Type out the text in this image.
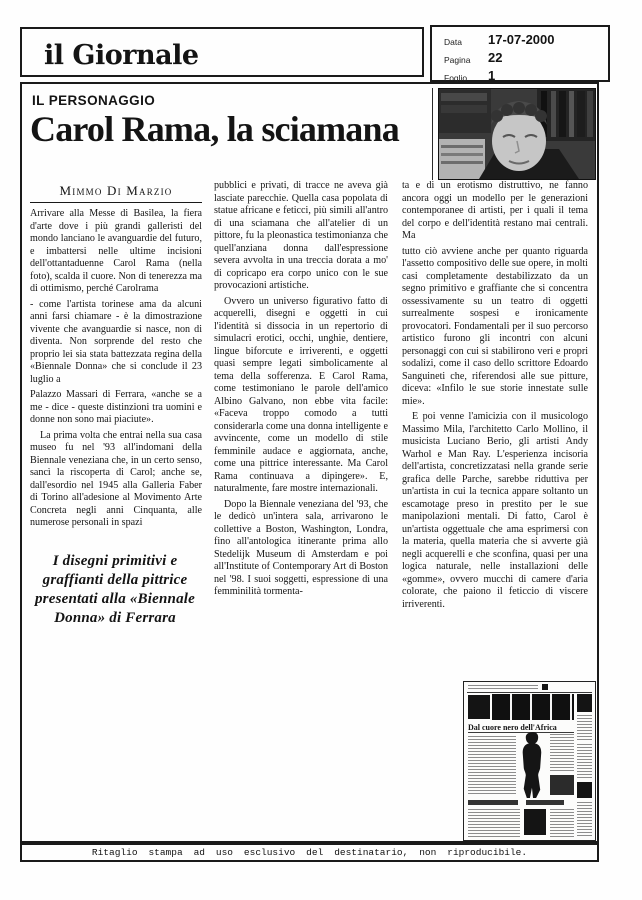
il Giornale	Data	17-07-2000
Pagina	22
Foglio	1
IL PERSONAGGIO
Carol Rama, la sciamana
Mimmo Di Marzio

Arrivare alla Messe di Basilea, la fiera d'arte dove i più grandi galleristi del mondo lanciano le avanguardie del futuro, e imbattersi nelle ultime incisioni dell'ottantaduenne Carol Rama (nella foto), scalda il cuore. Non di tenerezza ma di ottimismo, perché Carolrama

- come l'artista torinese ama da alcuni anni farsi chiamare - è la dimostrazione vivente che avanguardie si nasce, non di diventa. Non sorprende del resto che proprio lei sia stata battezzata regina della «Biennale Donna» che si conclude il 23 luglio a

Palazzo Massari di Ferrara, «anche se a me - dice - queste distinzioni tra uomini e donne non sono mai piaciute».

La prima volta che entrai nella sua casa museo fu nel '93 all'indomani della Biennale veneziana che, in un certo senso, sancì la riscoperta di Carol; anche se, dall'esordio nel 1945 alla Galleria Faber di Torino all'adesione al Movimento Arte Concreta negli anni Cinquanta, alle numerose personali in spazi

I disegni primitivi e graffianti della pittrice presentati alla «Biennale Donna» di Ferrara

pubblici e privati, di tracce ne aveva già lasciate parecchie. Quella casa popolata di statue africane e feticci, più simili all'antro di una sciamana che all'atelier di un pittore, fu la pleonastica testimonianza che quell'anziana donna dall'espressione severa avvolta in una treccia dorata a mo' di copricapo era corpo unico con le sue provocazioni artistiche.

Ovvero un universo figurativo fatto di acquerelli, disegni e oggetti in cui l'identità si dissocia in un repertorio di simulacri erotici, occhi, unghie, dentiere, lingue biforcute e irriverenti, e oggetti quasi sempre legati simbolicamente al tema della sofferenza. E Carol Rama, come testimoniano le parole dell'amico Albino Galvano, non ebbe vita facile: «Faceva troppo comodo a tutti considerarla come una donna intelligente e avvincente, come un modello di stile femminile audace e aggiornata, anche, come una pittrice interessante. Ma Carol Rama continuava a dipingere». E, naturalmente, fare mostre internazionali.

Dopo la Biennale veneziana del '93, che le dedicò un'intera sala, arrivarono le collettive a Boston, Washington, Londra, fino all'antologica itinerante prima allo Stedelijk Museum di Amsterdam e poi all'Institute of Contemporary Art di Boston nel '98. I suoi soggetti, espressione di una femminilità tormenta-

ta e di un erotismo distruttivo, ne fanno ancora oggi un modello per le generazioni contemporanee di artisti, per i quali il tema del corpo e dell'identità restano mai centrali. Ma

tutto ciò avviene anche per quanto riguarda l'assetto compositivo delle sue opere, in molti casi completamente destabilizzato da un segno primitivo e graffiante che si concentra ossessivamente su un teatro di oggetti surrealmente sospesi e ironicamente provocatori. Fondamentali per il suo percorso artistico furono gli incontri con alcuni personaggi con cui si stabilirono veri e propri sodalizi, come il caso dello scrittore Edoardo Sanguineti che, riferendosi alle sue pitture, diceva: «Infilo le sue storie innestate sulle mie».

E poi venne l'amicizia con il musicologo Massimo Mila, l'architetto Carlo Mollino, il musicista Luciano Berio, gli artisti Andy Warhol e Man Ray. L'esperienza incisoria dell'artista, concretizzatasi nella grande serie grafica delle Parche, sarebbe riduttiva per un'artista in cui la tecnica appare soltanto un escamotage preso in prestito per le sue manipolazioni mentali. Di fatto, Carol è un'artista oggettuale che ama esprimersi con la materia, quella materia che si avverte già negli acquerelli e che sconfina, quasi per una logica naturale, nelle installazioni delle «gomme», ovvero mucchi di camere d'aria colorate, che paiono il feticcio di viscere irriverenti.

Dal cuore nero dell'Africa
Ritaglio stampa ad uso esclusivo del destinatario, non riproducibile.
